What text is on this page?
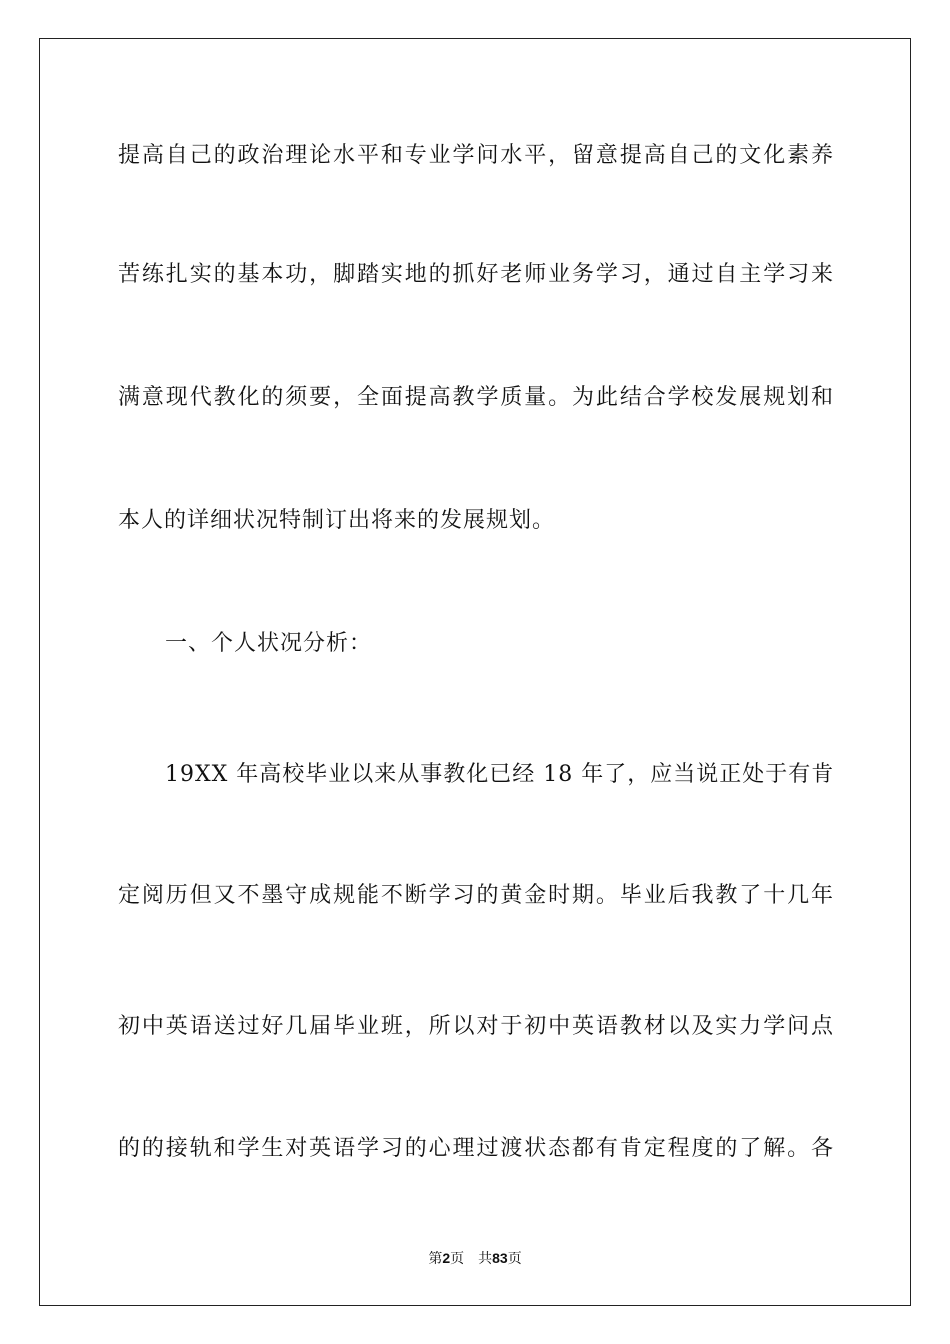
提高自己的政治理论水平和专业学问水平，留意提高自己的文化素养
苦练扎实的基本功，脚踏实地的抓好老师业务学习，通过自主学习来
满意现代教化的须要，全面提高教学质量。为此结合学校发展规划和
本人的详细状况特制订出将来的发展规划。
一、个人状况分析：
19XX 年高校毕业以来从事教化已经 18 年了，应当说正处于有肯
定阅历但又不墨守成规能不断学习的黄金时期。毕业后我教了十几年
初中英语送过好几届毕业班，所以对于初中英语教材以及实力学问点
的的接轨和学生对英语学习的心理过渡状态都有肯定程度的了解。各
第2页 共83页
